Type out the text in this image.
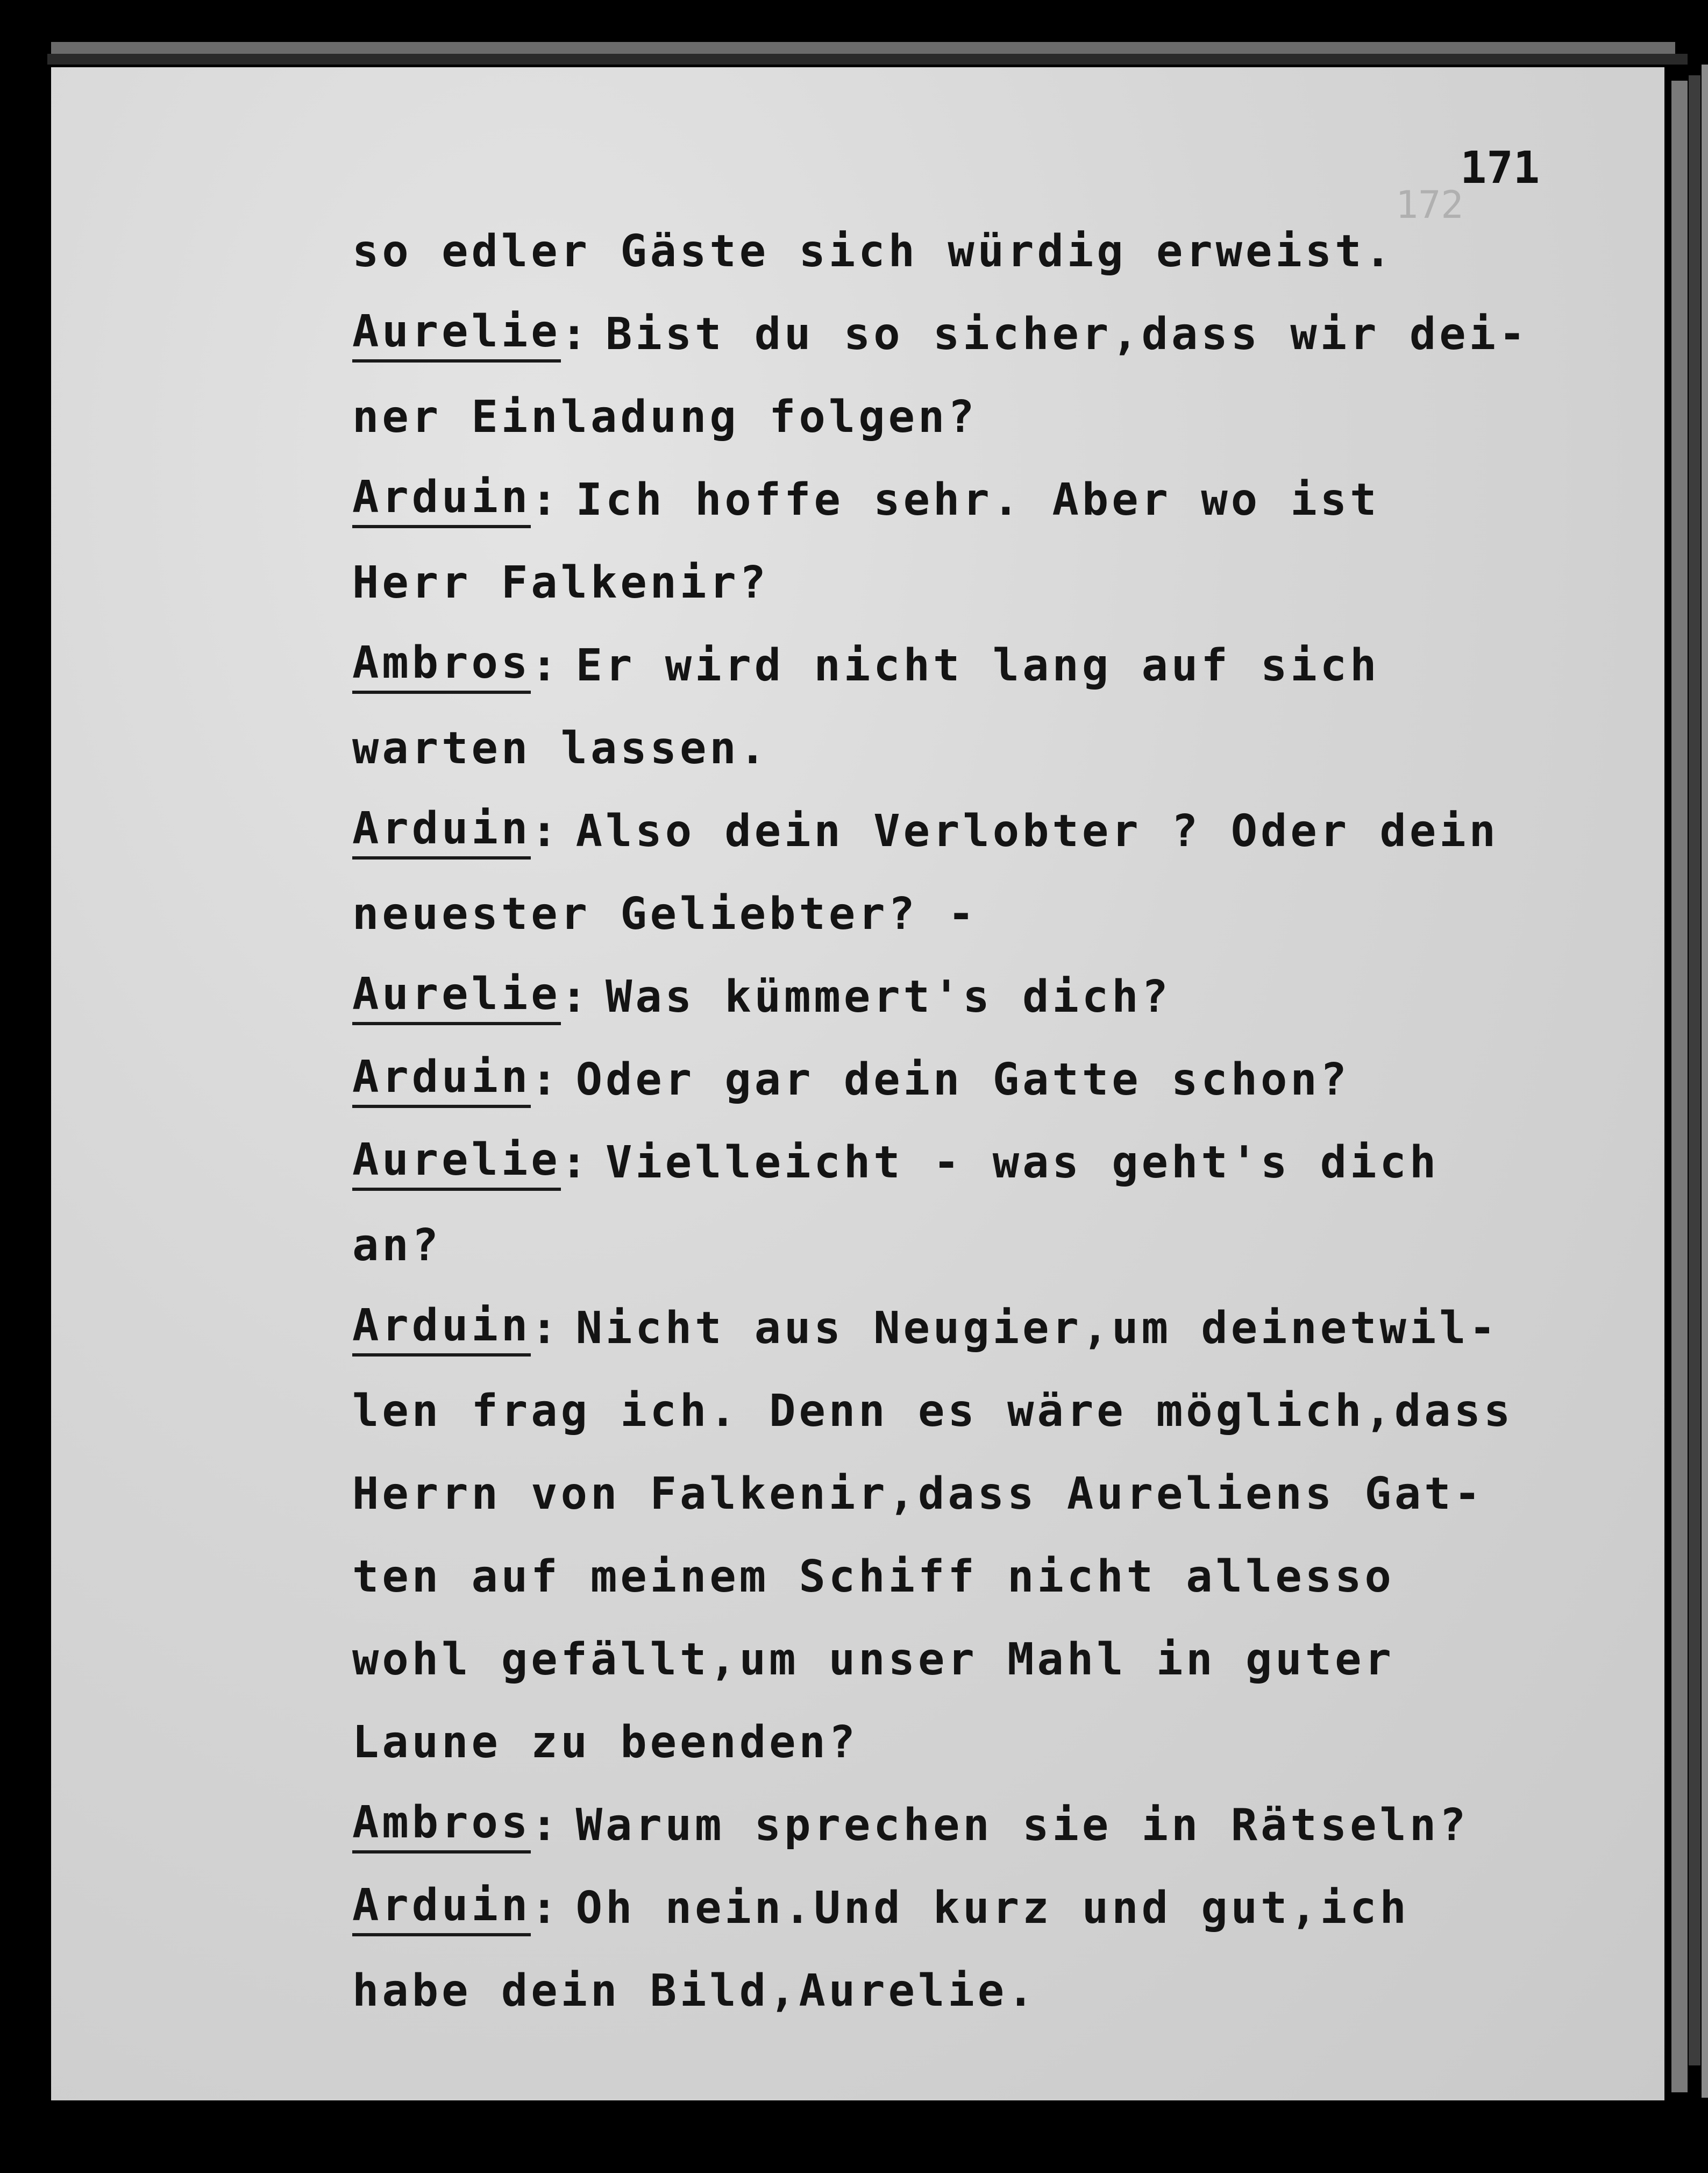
172
171
so edler Gäste sich würdig erweist.
Aurelie : Bist du so sicher,dass wir dei-
ner Einladung folgen?
Arduin : Ich hoffe sehr. Aber wo ist
Herr Falkenir?
Ambros : Er wird nicht lang auf sich
warten lassen.
Arduin : Also dein Verlobter ? Oder dein
neuester Geliebter? -
Aurelie : Was kümmert's dich?
Arduin : Oder gar dein Gatte schon?
Aurelie : Vielleicht - was geht's dich
an?
Arduin : Nicht aus Neugier,um deinetwil-
len frag ich. Denn es wäre möglich,dass
Herrn von Falkenir,dass Aureliens Gat-
ten auf meinem Schiff nicht allesso
wohl gefällt,um unser Mahl in guter
Laune zu beenden?
Ambros : Warum sprechen sie in Rätseln?
Arduin : Oh nein.Und kurz und gut,ich
habe dein Bild,Aurelie.
